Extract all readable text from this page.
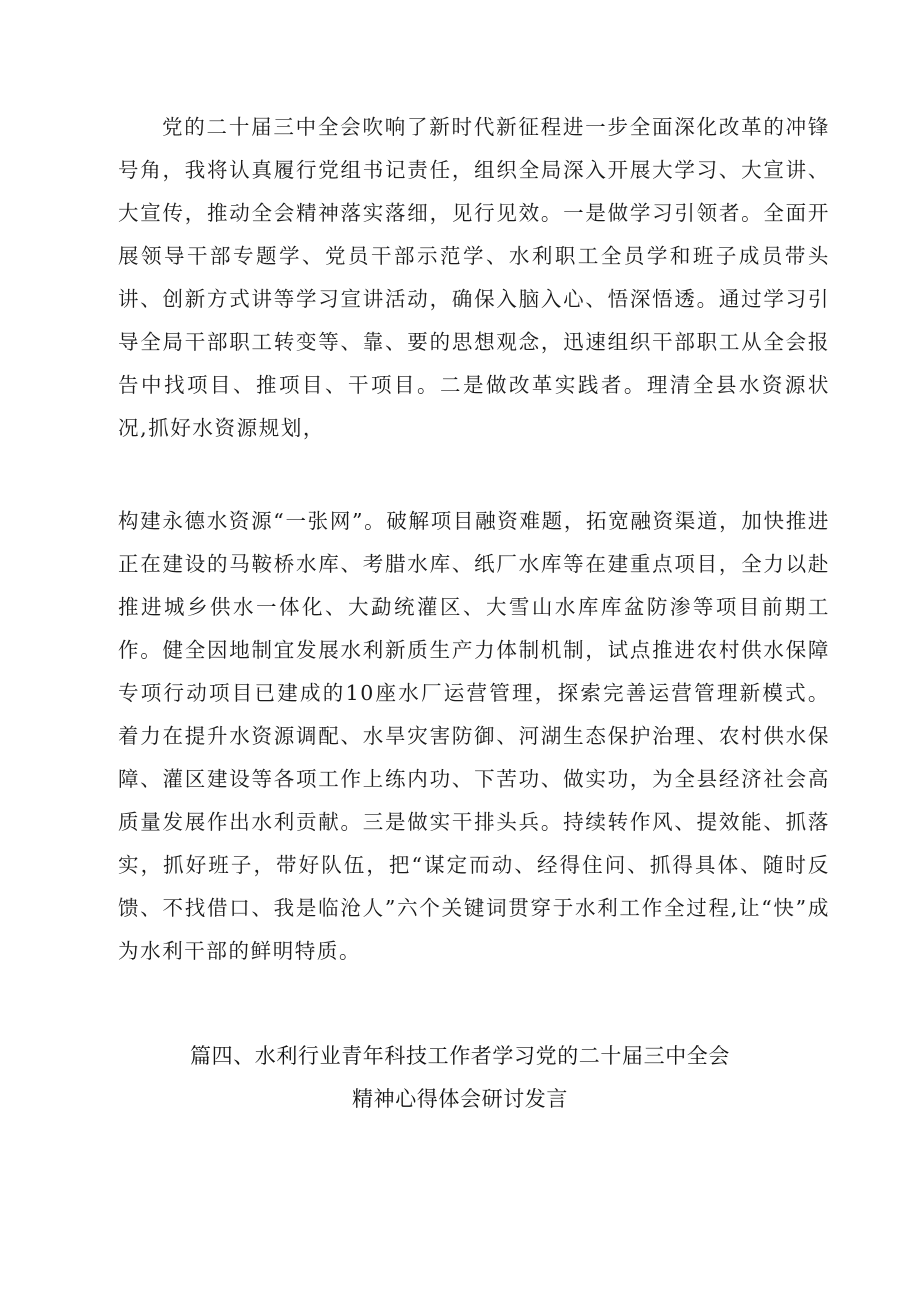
党的二十届三中全会吹响了新时代新征程进一步全面深化改革的冲锋号角，我将认真履行党组书记责任，组织全局深入开展大学习、大宣讲、大宣传，推动全会精神落实落细，见行见效。一是做学习引领者。全面开展领导干部专题学、党员干部示范学、水利职工全员学和班子成员带头讲、创新方式讲等学习宣讲活动，确保入脑入心、悟深悟透。通过学习引导全局干部职工转变等、靠、要的思想观念，迅速组织干部职工从全会报告中找项目、推项目、干项目。二是做改革实践者。理清全县水资源状况,抓好水资源规划，

构建永德水资源“一张网”。破解项目融资难题，拓宽融资渠道，加快推进正在建设的马鞍桥水库、考腊水库、纸厂水库等在建重点项目，全力以赴推进城乡供水一体化、大勐统灌区、大雪山水库库盆防渗等项目前期工作。健全因地制宜发展水利新质生产力体制机制，试点推进农村供水保障专项行动项目已建成的10座水厂运营管理，探索完善运营管理新模式。着力在提升水资源调配、水旱灾害防御、河湖生态保护治理、农村供水保障、灌区建设等各项工作上练内功、下苦功、做实功，为全县经济社会高质量发展作出水利贡献。三是做实干排头兵。持续转作风、提效能、抓落实，抓好班子，带好队伍，把“谋定而动、经得住问、抓得具体、随时反馈、不找借口、我是临沧人”六个关键词贯穿于水利工作全过程,让“快”成为水利干部的鲜明特质。

篇四、水利行业青年科技工作者学习党的二十届三中全会
精神心得体会研讨发言
